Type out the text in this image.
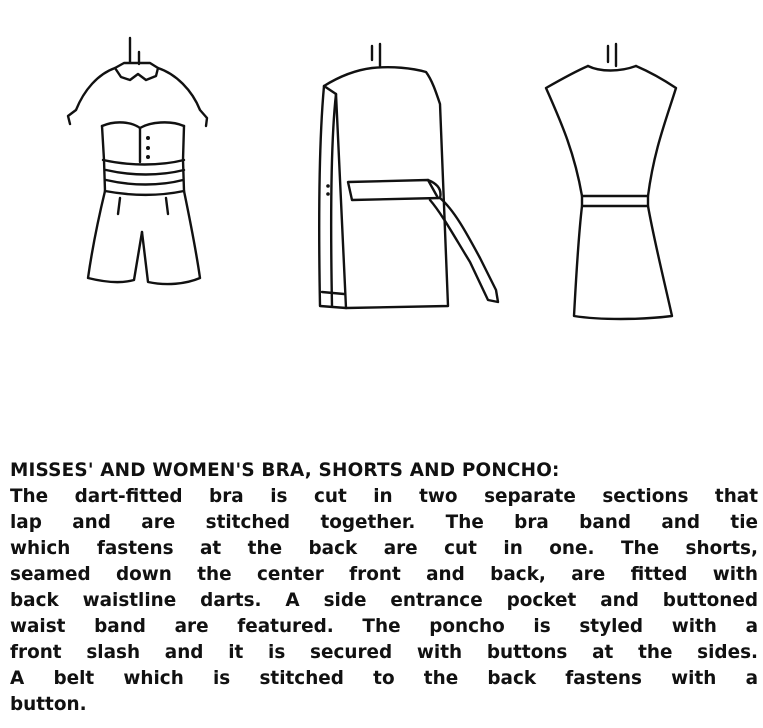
MISSES' AND WOMEN'S BRA, SHORTS AND PONCHO:
The dart-fitted bra is cut in two separate sections that
lap and are stitched together. The bra band and tie
which fastens at the back are cut in one. The shorts,
seamed down the center front and back, are fitted with
back waistline darts. A side entrance pocket and buttoned
waist band are featured. The poncho is styled with a
front slash and it is secured with buttons at the sides.
A belt which is stitched to the back fastens with a
button.
